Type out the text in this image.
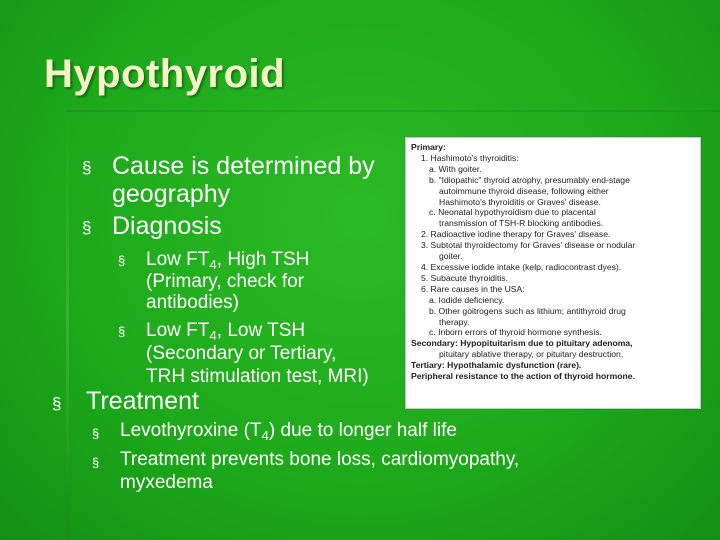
Hypothyroid
§ Cause is determined by
geography
§ Diagnosis
§ Low $FT_4$, High TSH
(Primary, check for
antibodies)
§ Low $FT_4$, Low TSH
(Secondary or Tertiary,
TRH stimulation test, MRI)
§ Treatment
§ Levothyroxine $(T_4)$ due to longer half life
§ Treatment prevents bone loss, cardiomyopathy,
myxedema
Primary:
1. Hashimoto's thyroiditis:
a. With goiter.
b. "Idiopathic" thyroid atrophy, presumably end-stage
autoimmune thyroid disease, following either
Hashimoto's thyroiditis or Graves' disease.
c. Neonatal hypothyroidism due to placental
transmission of TSH-R blocking antibodies.
2. Radioactive iodine therapy for Graves' disease.
3. Subtotal thyroidectomy for Graves' disease or nodular
goiter.
4. Excessive iodide intake (kelp, radiocontrast dyes).
5. Subacute thyroiditis.
6. Rare causes in the USA:
a. Iodide deficiency.
b. Other goitrogens such as lithium; antithyroid drug
therapy.
c. Inborn errors of thyroid hormone synthesis.
Secondary: Hypopituitarism due to pituitary adenoma,
pituitary ablative therapy, or pituitary destruction.
Tertiary: Hypothalamic dysfunction (rare).
Peripheral resistance to the action of thyroid hormone.
